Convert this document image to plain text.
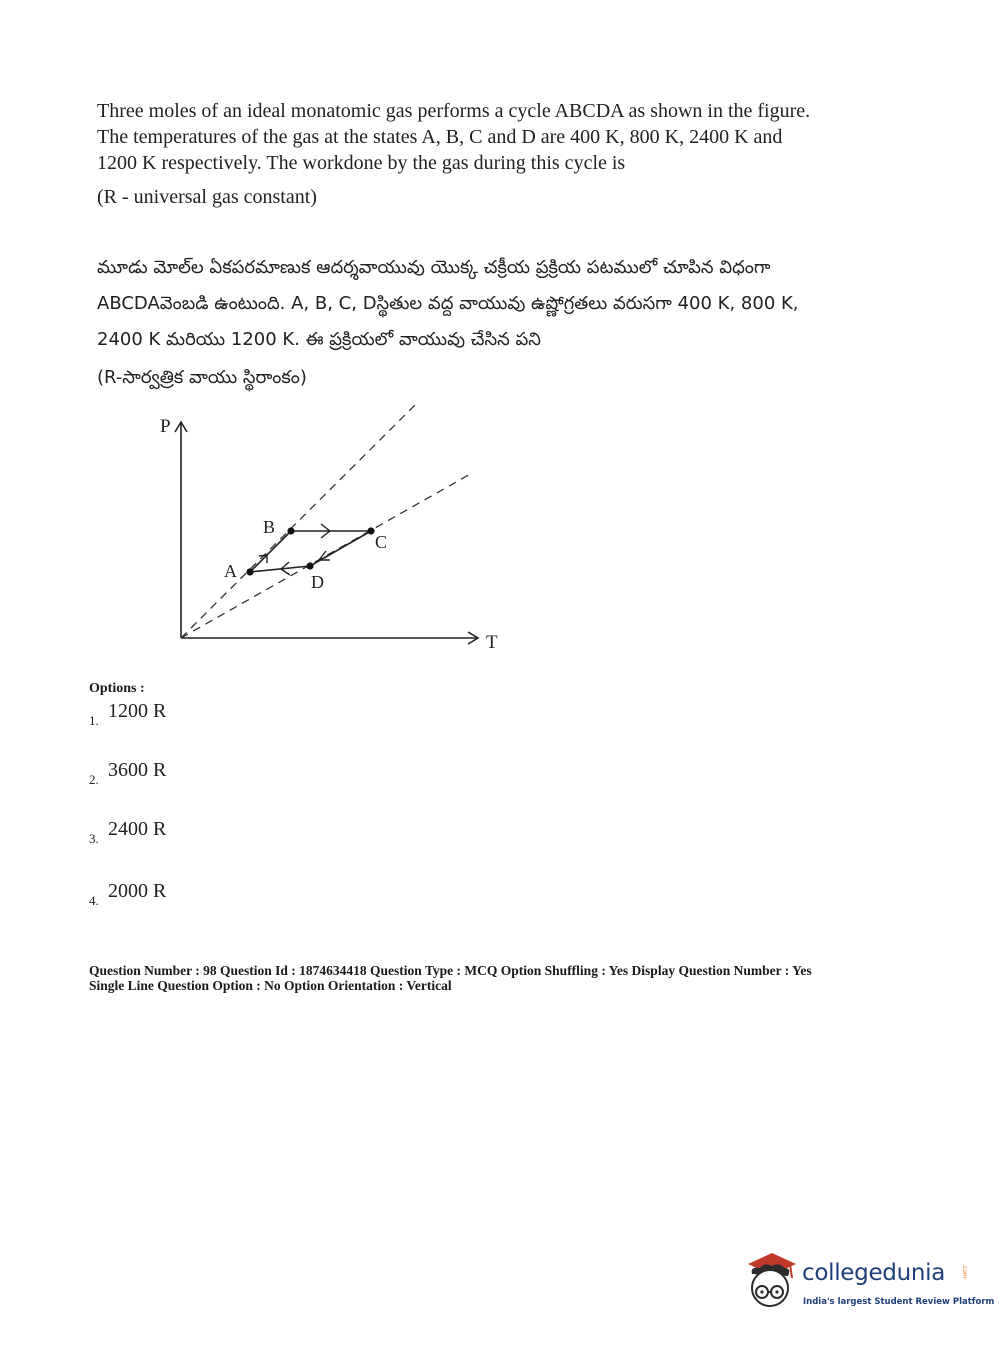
Three moles of an ideal monatomic gas performs a cycle ABCDA as shown in the figure.

The temperatures of the gas at the states A, B, C and D are 400 K, 800 K, 2400 K and

1200 K respectively. The workdone by the gas during this cycle is

(R - universal gas constant)

మూడు మోల్‌ల ఏకపరమాణుక ఆదర్శవాయువు యొక్క చక్రీయ ప్రక్రియ పటములో చూపిన విధంగా

ABCDAవెంబడి ఉంటుంది. A, B, C, Dస్థితుల వద్ద వాయువు ఉష్ణోగ్రతలు వరుసగా 400 K, 800 K,

2400 K మరియు 1200 K. ఈ ప్రక్రియలో వాయువు చేసిన పని

(R-సార్వత్రిక వాయు స్థిరాంకం)

P
T
A
B
C
D
Options :
1. 1200 R
2. 3600 R
3. 2400 R
4. 2000 R

Question Number : 98 Question Id : 1874634418 Question Type : MCQ Option Shuffling : Yes Display Question Number : Yes

Single Line Question Option : No Option Orientation : Vertical

collegedunia	.com
India's largest Student Review Platform
